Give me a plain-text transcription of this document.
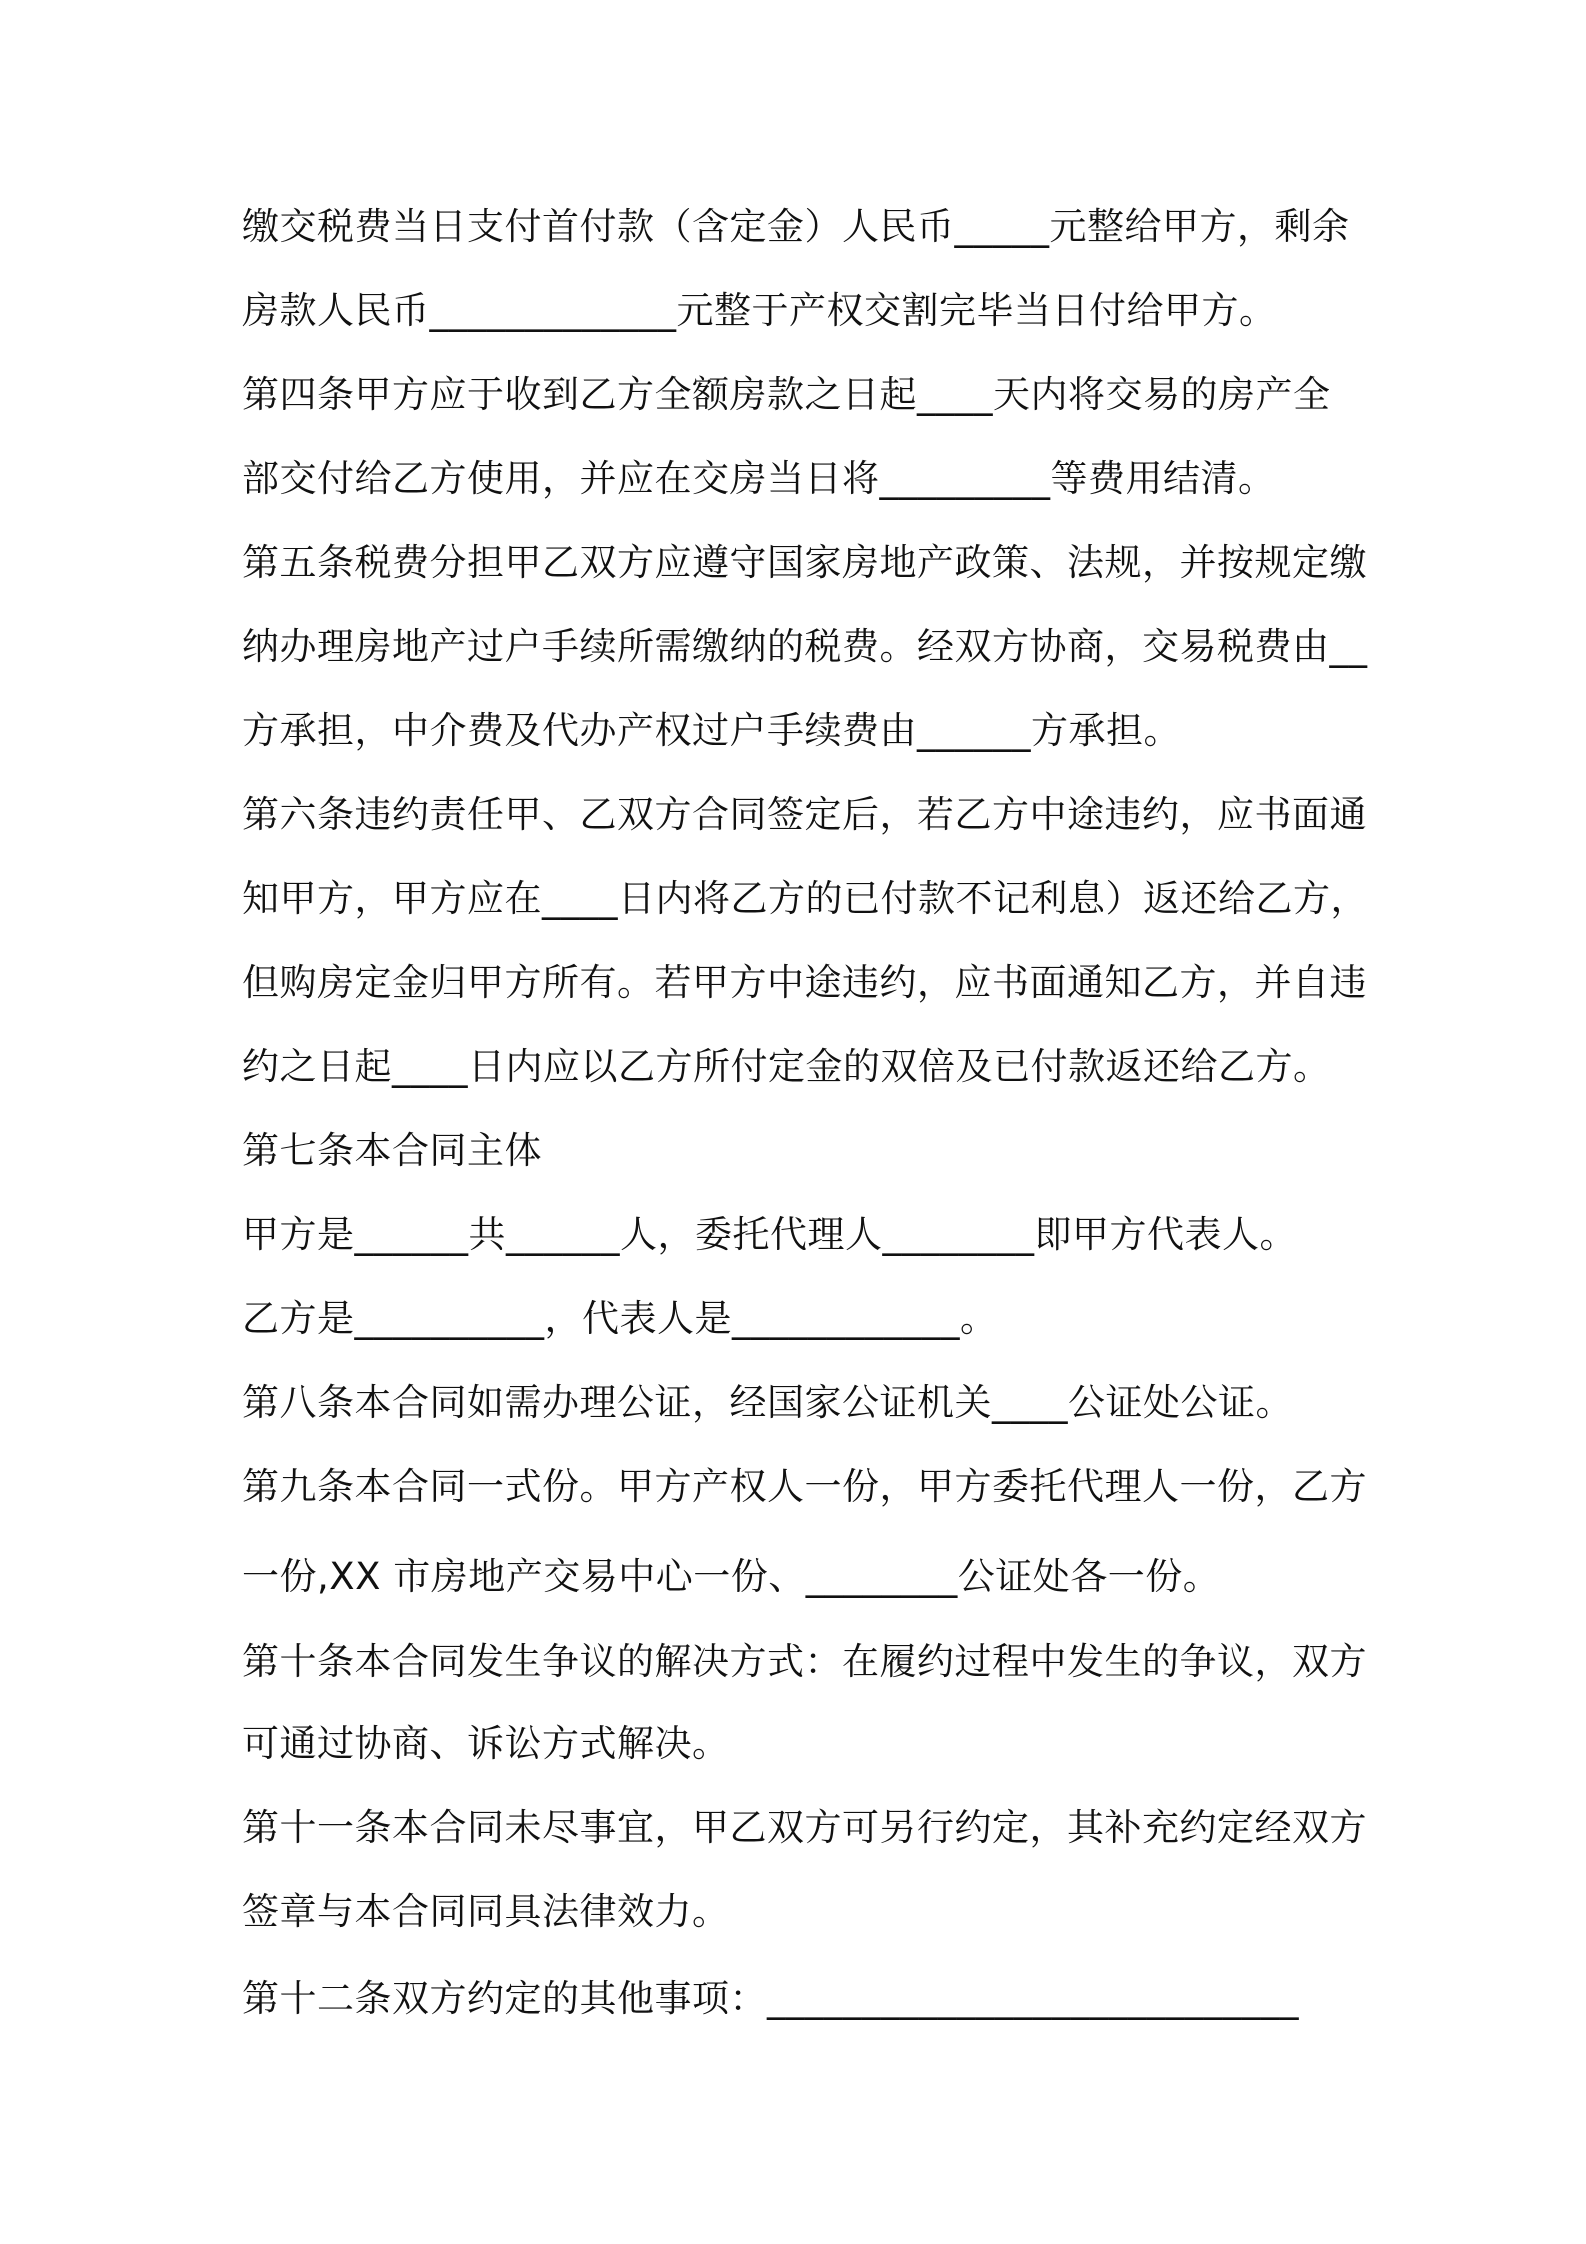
缴交税费当日支付首付款（含定金）人民币_____元整给甲方，剩余
房款人民币_____________元整于产权交割完毕当日付给甲方。
第四条甲方应于收到乙方全额房款之日起____天内将交易的房产全
部交付给乙方使用，并应在交房当日将_________等费用结清。
第五条税费分担甲乙双方应遵守国家房地产政策、法规，并按规定缴
纳办理房地产过户手续所需缴纳的税费。经双方协商，交易税费由__
方承担，中介费及代办产权过户手续费由______方承担。
第六条违约责任甲、乙双方合同签定后，若乙方中途违约，应书面通
知甲方，甲方应在____日内将乙方的已付款不记利息）返还给乙方，
但购房定金归甲方所有。若甲方中途违约，应书面通知乙方，并自违
约之日起____日内应以乙方所付定金的双倍及已付款返还给乙方。
第七条本合同主体
甲方是______共______人，委托代理人________即甲方代表人。
乙方是__________，代表人是____________。
第八条本合同如需办理公证，经国家公证机关____公证处公证。
第九条本合同一式份。甲方产权人一份，甲方委托代理人一份，乙方
一份,XX 市房地产交易中心一份、________公证处各一份。
第十条本合同发生争议的解决方式：在履约过程中发生的争议，双方
可通过协商、诉讼方式解决。
第十一条本合同未尽事宜，甲乙双方可另行约定，其补充约定经双方
签章与本合同同具法律效力。
第十二条双方约定的其他事项：____________________________
